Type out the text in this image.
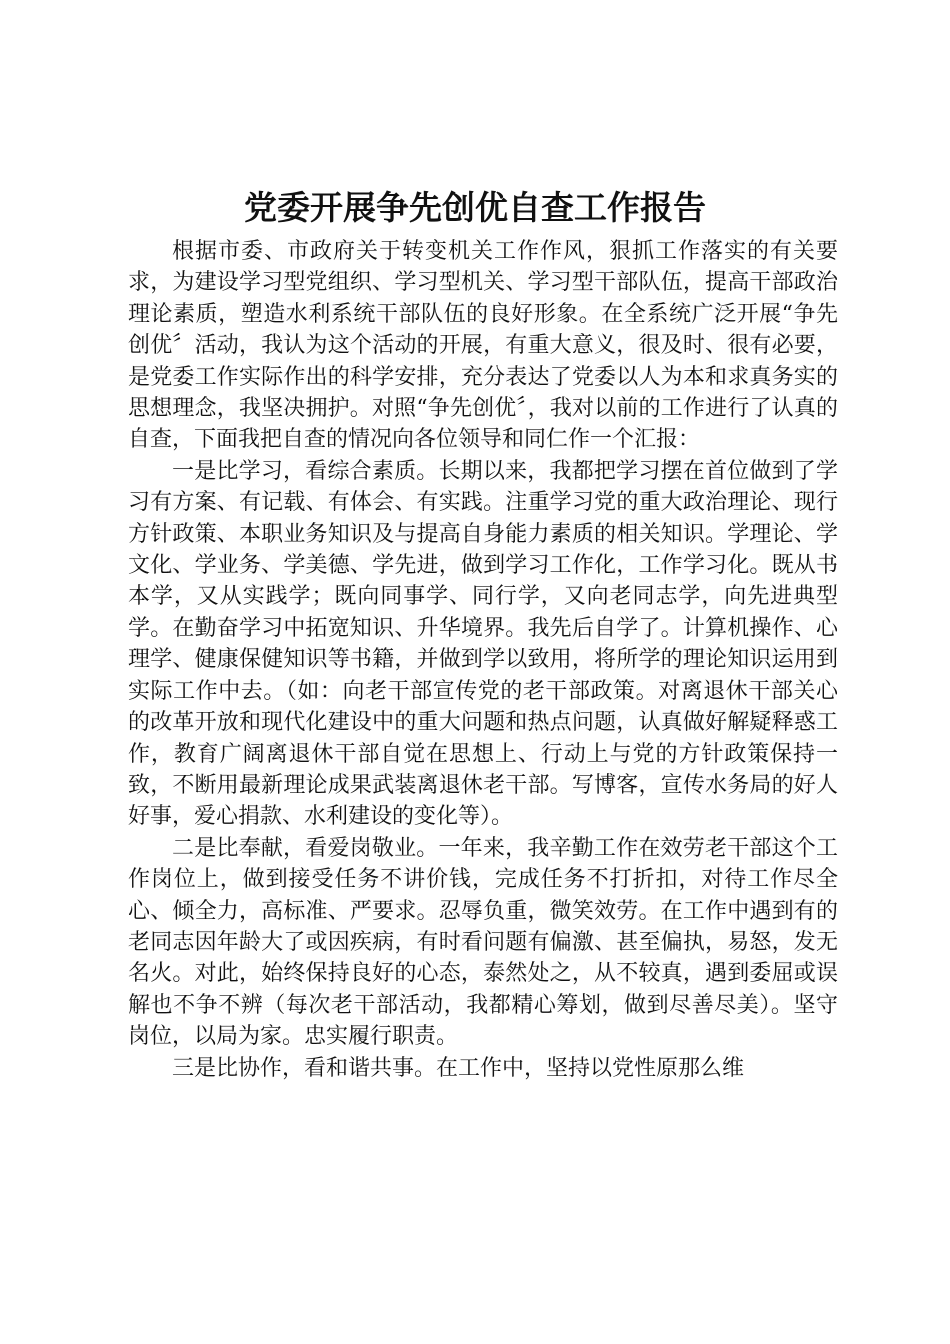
党委开展争先创优自查工作报告

根据市委、市政府关于转变机关工作作风，狠抓工作落实的有关要求，为建设学习型党组织、学习型机关、学习型干部队伍，提高干部政治理论素质，塑造水利系统干部队伍的良好形象。在全系统广泛开展“争先创优〞活动，我认为这个活动的开展，有重大意义，很及时、很有必要，是党委工作实际作出的科学安排，充分表达了党委以人为本和求真务实的思想理念，我坚决拥护。对照“争先创优〞，我对以前的工作进行了认真的自查，下面我把自查的情况向各位领导和同仁作一个汇报：

一是比学习，看综合素质。长期以来，我都把学习摆在首位做到了学习有方案、有记载、有体会、有实践。注重学习党的重大政治理论、现行方针政策、本职业务知识及与提高自身能力素质的相关知识。学理论、学文化、学业务、学美德、学先进，做到学习工作化，工作学习化。既从书本学，又从实践学；既向同事学、同行学，又向老同志学，向先进典型学。在勤奋学习中拓宽知识、升华境界。我先后自学了。计算机操作、心理学、健康保健知识等书籍，并做到学以致用，将所学的理论知识运用到实际工作中去。（如：向老干部宣传党的老干部政策。对离退休干部关心的改革开放和现代化建设中的重大问题和热点问题，认真做好解疑释惑工作，教育广阔离退休干部自觉在思想上、行动上与党的方针政策保持一致，不断用最新理论成果武装离退休老干部。写博客，宣传水务局的好人好事，爱心捐款、水利建设的变化等）。

二是比奉献，看爱岗敬业。一年来，我辛勤工作在效劳老干部这个工作岗位上，做到接受任务不讲价钱，完成任务不打折扣，对待工作尽全心、倾全力，高标准、严要求。忍辱负重，微笑效劳。在工作中遇到有的老同志因年龄大了或因疾病，有时看问题有偏激、甚至偏执，易怒，发无名火。对此，始终保持良好的心态，泰然处之，从不较真，遇到委屈或误解也不争不辨（每次老干部活动，我都精心筹划，做到尽善尽美）。坚守岗位，以局为家。忠实履行职责。

三是比协作，看和谐共事。在工作中，坚持以党性原那么维
